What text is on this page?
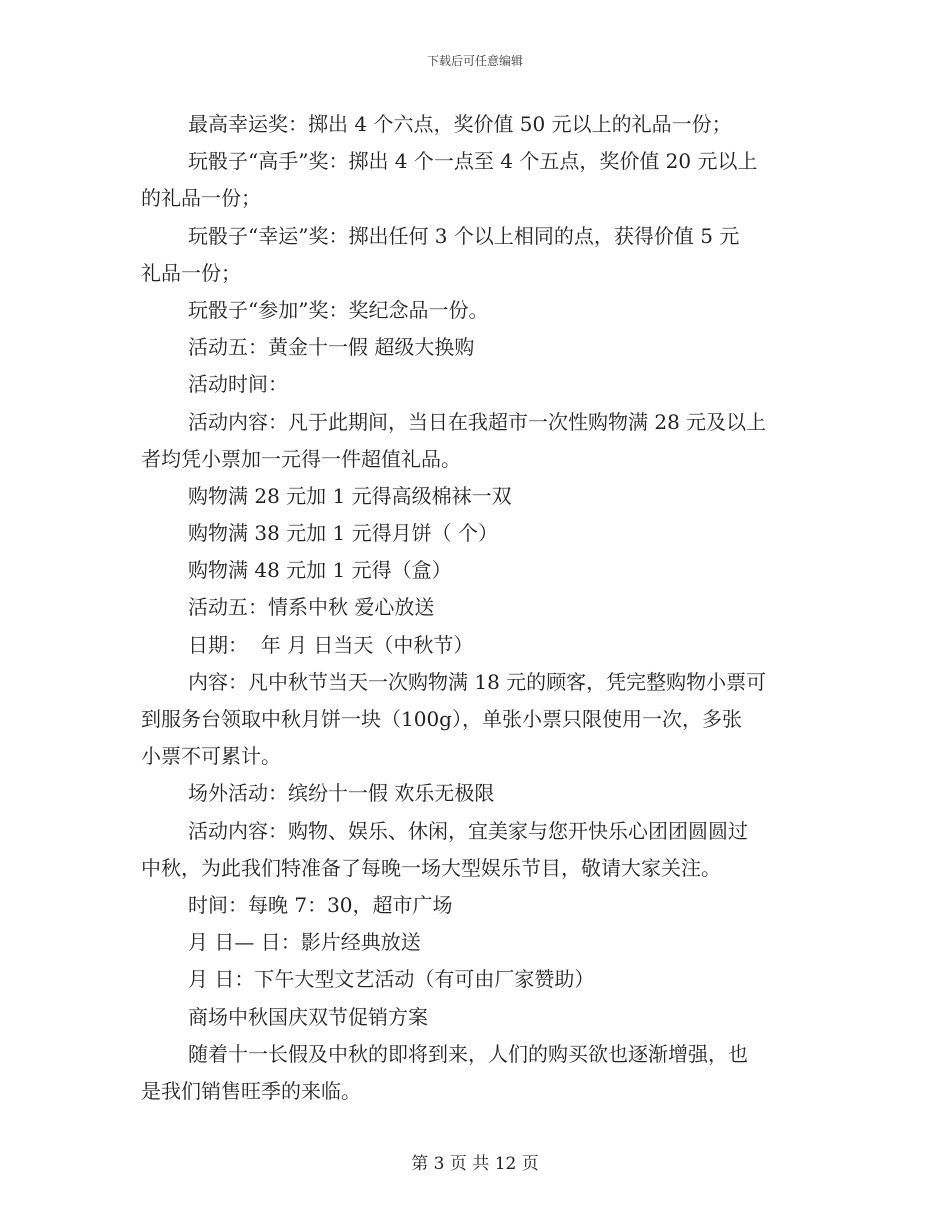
下载后可任意编辑
最高幸运奖：掷出 4 个六点，奖价值 50 元以上的礼品一份；
玩骰子“高手”奖：掷出 4 个一点至 4 个五点，奖价值 20 元以上
的礼品一份；
玩骰子“幸运”奖：掷出任何 3 个以上相同的点，获得价值 5 元
礼品一份；
玩骰子“参加”奖：奖纪念品一份。
活动五：黄金十一假 超级大换购
活动时间：
活动内容：凡于此期间，当日在我超市一次性购物满 28 元及以上
者均凭小票加一元得一件超值礼品。
购物满 28 元加 1 元得高级棉袜一双
购物满 38 元加 1 元得月饼（ 个）
购物满 48 元加 1 元得（盒）
活动五：情系中秋 爱心放送
日期：  年 月 日当天（中秋节）
内容：凡中秋节当天一次购物满 18 元的顾客，凭完整购物小票可
到服务台领取中秋月饼一块（100g），单张小票只限使用一次，多张
小票不可累计。
场外活动：缤纷十一假 欢乐无极限
活动内容：购物、娱乐、休闲，宜美家与您开快乐心团团圆圆过
中秋，为此我们特准备了每晚一场大型娱乐节目，敬请大家关注。
时间：每晚 7：30，超市广场
月 日— 日：影片经典放送
月 日：下午大型文艺活动（有可由厂家赞助）
商场中秋国庆双节促销方案
随着十一长假及中秋的即将到来，人们的购买欲也逐渐增强，也
是我们销售旺季的来临。
第 3 页 共 12 页
